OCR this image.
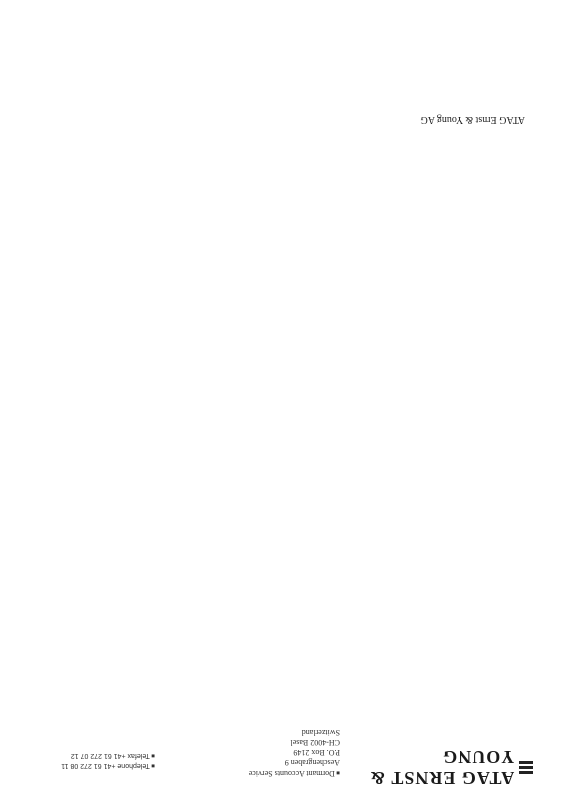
ATAG ERNST & YOUNG
■ Dormant Accounts Service
Aeschengraben 9
P.O. Box 2149
CH-4002 Basel
Switzerland
■ Telephone +41 61 272 08 11
■ Telefax +41 61 272 07 12
ATAG Ernst & Young AG
